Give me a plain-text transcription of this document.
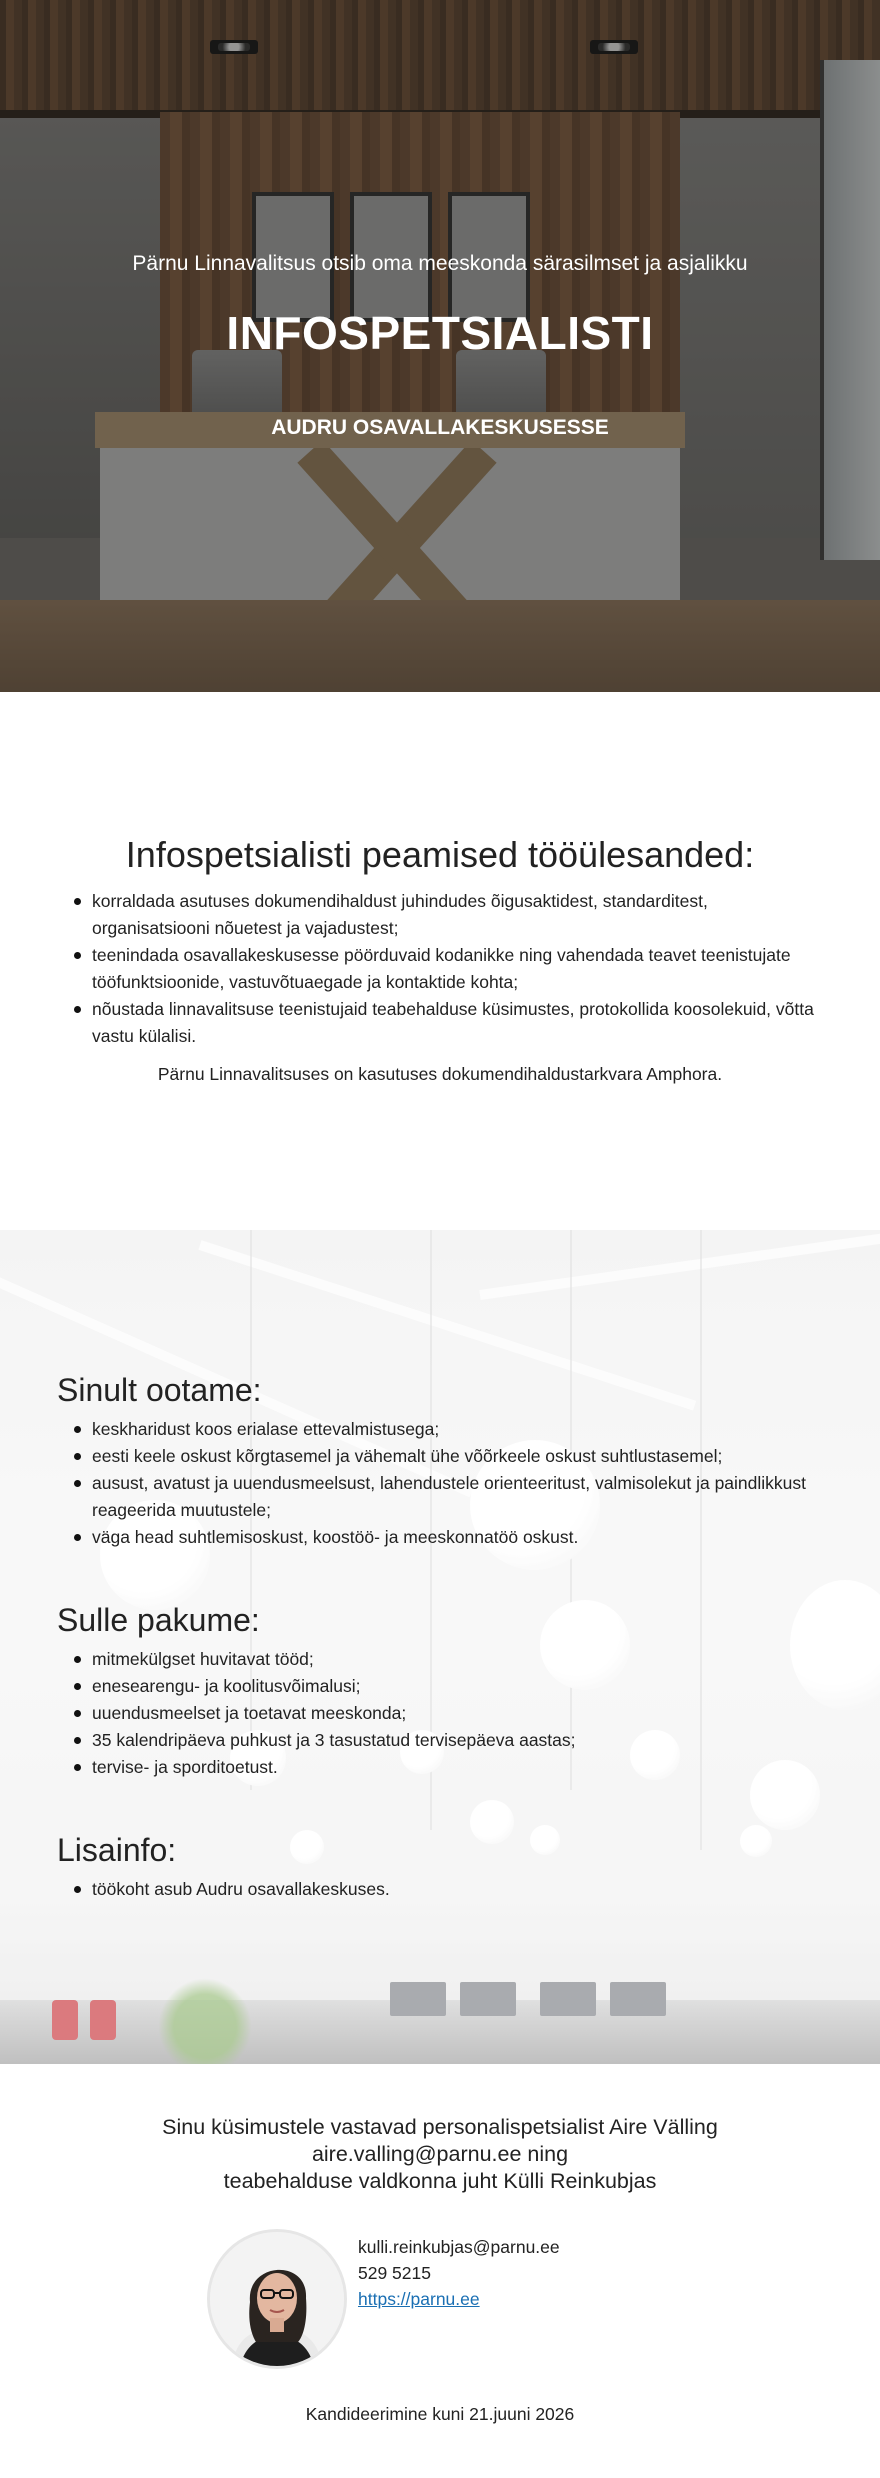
Pärnu Linnavalitsus otsib oma meeskonda särasilmset ja asjalikku
INFOSPETSIALISTI
AUDRU OSAVALLAKESKUSESSE
Infospetsialisti peamised tööülesanded:
korraldada asutuses dokumendihaldust juhindudes õigusaktidest, standarditest, organisatsiooni nõuetest ja vajadustest;
teenindada osavallakeskusesse pöörduvaid kodanikke ning vahendada teavet teenistujate tööfunktsioonide, vastuvõtuaegade ja kontaktide kohta;
nõustada linnavalitsuse teenistujaid teabehalduse küsimustes, protokollida koosolekuid, võtta vastu külalisi.

Pärnu Linnavalitsuses on kasutuses dokumendihaldustarkvara Amphora.

Sinult ootame:
keskharidust koos erialase ettevalmistusega;
eesti keele oskust kõrgtasemel ja vähemalt ühe võõrkeele oskust suhtlustasemel;
ausust, avatust ja uuendusmeelsust, lahendustele orienteeritust, valmisolekut ja paindlikkust reageerida muutustele;
väga head suhtlemisoskust, koostöö- ja meeskonnatöö oskust.
Sulle pakume:
mitmekülgset huvitavat tööd;
enesearengu- ja koolitusvõimalusi;
uuendusmeelset ja toetavat meeskonda;
35 kalendripäeva puhkust ja 3 tasustatud tervisepäeva aastas;
tervise- ja sporditoetust.
Lisainfo:
töökoht asub Audru osavallakeskuses.
Sinu küsimustele vastavad personalispetsialist Aire Välling
aire.valling@parnu.ee ning
teabehalduse valdkonna juht Külli Reinkubjas
kulli.reinkubjas@parnu.ee
529 5215
https://parnu.ee
Kandideerimine kuni 21.juuni 2026
